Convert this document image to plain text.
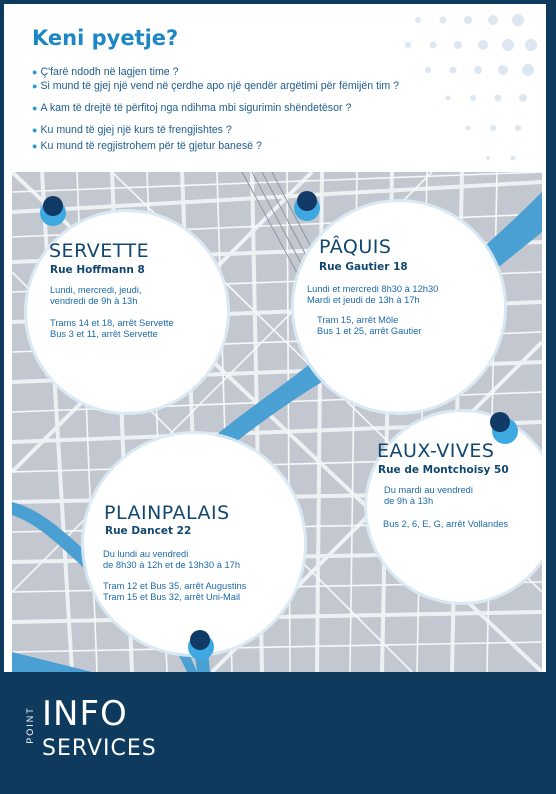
Keni pyetje?
● Ç'farë ndodh në lagjen time ?
● Si mund të gjej një vend në çerdhe apo një qendër argëtimi për fëmijën tim ?
● A kam të drejtë të përfitoj nga ndihma mbi sigurimin shëndetësor ?
● Ku mund të gjej një kurs të frengjishtes ?
● Ku mund të regjistrohem për të gjetur banesë ?
SERVETTE
Rue Hoffmann 8
Lundi, mercredi, jeudi,
vendredi de 9h à 13h
Trams 14 et 18, arrêt Servette
Bus 3 et 11, arrêt Servette
PÂQUIS
Rue Gautier 18
Lundi et mercredi 8h30 à 12h30
Mardi et jeudi de 13h à 17h
Tram 15, arrêt Môle
Bus 1 et 25, arrêt Gautier
EAUX-VIVES
Rue de Montchoisy 50
Du mardi au vendredi
de 9h à 13h
Bus 2, 6, E, G, arrêt Vollandes
PLAINPALAIS
Rue Dancet 22
Du lundi au vendredi
de 8h30 à 12h et de 13h30 à 17h
Tram 12 et Bus 35, arrêt Augustins
Tram 15 et Bus 32, arrêt Uni-Mail
POINT INFO
SERVICES
